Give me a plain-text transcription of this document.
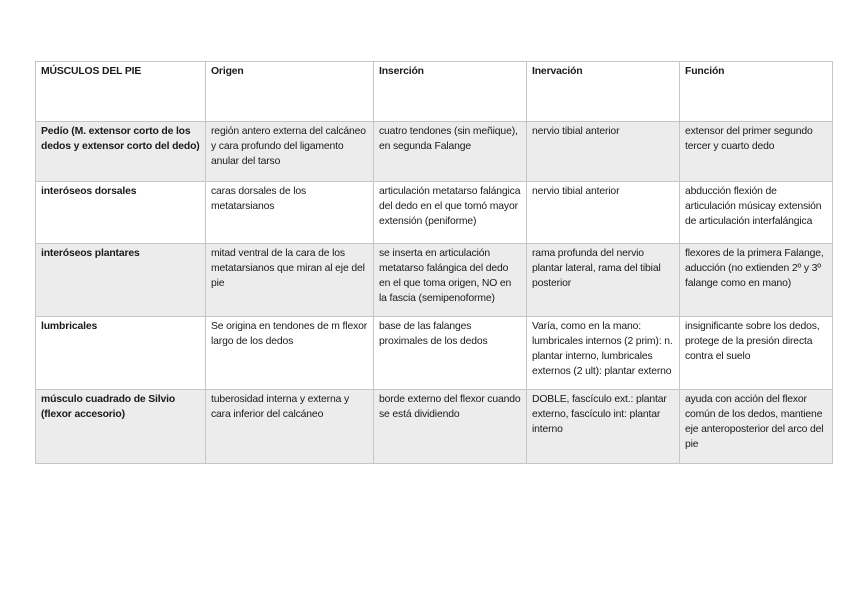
MÚSCULOS DEL PIE	Origen	Inserción	Inervación	Función
Pedío (M. extensor corto de los dedos y extensor corto del dedo)	región antero externa del calcáneo y cara profundo del ligamento anular del tarso	cuatro tendones (sin meñique), en segunda Falange	nervio tibial anterior	extensor del primer segundo tercer y cuarto dedo
interóseos dorsales	caras dorsales de los metatarsianos	articulación metatarso falángica del dedo en el que tomó mayor extensión (peniforme)	nervio tibial anterior	abducción flexión de articulación músicay extensión de articulación interfalángica
interóseos plantares	mitad ventral de la cara de los metatarsianos que miran al eje del pie	se inserta en articulación metatarso falángica del dedo en el que toma origen, NO en la fascia (semipenoforme)	rama profunda del nervio plantar lateral, rama del tibial posterior	flexores de la primera Falange, aducción (no extienden 2º y 3º falange como en mano)
lumbricales	Se origina en tendones de m flexor largo de los dedos	base de las falanges proximales de los dedos	Varía, como en la mano: lumbricales internos (2 prim): n. plantar interno, lumbricales externos (2 ult): plantar externo	insignificante sobre los dedos, protege de la presión directa contra el suelo
músculo cuadrado de Silvio (flexor accesorio)	tuberosidad interna y externa y cara inferior del calcáneo	borde externo del flexor cuando se está dividiendo	DOBLE, fascículo ext.: plantar externo, fascículo int: plantar interno	ayuda con acción del flexor común de los dedos, mantiene eje anteroposterior del arco del pie
